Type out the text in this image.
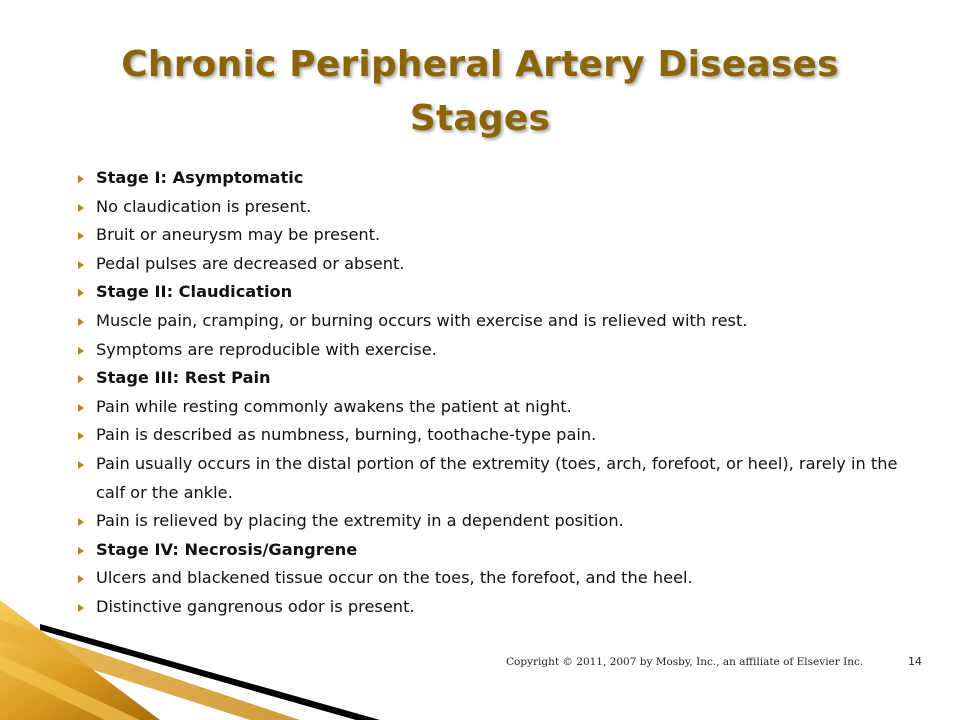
Chronic Peripheral Artery Diseases
Stages
Stage I: Asymptomatic
No claudication is present.
Bruit or aneurysm may be present.
Pedal pulses are decreased or absent.
Stage II: Claudication
Muscle pain, cramping, or burning occurs with exercise and is relieved with rest.
Symptoms are reproducible with exercise.
Stage III: Rest Pain
Pain while resting commonly awakens the patient at night.
Pain is described as numbness, burning, toothache-type pain.
Pain usually occurs in the distal portion of the extremity (toes, arch, forefoot, or heel), rarely in the calf or the ankle.
Pain is relieved by placing the extremity in a dependent position.
Stage IV: Necrosis/Gangrene
Ulcers and blackened tissue occur on the toes, the forefoot, and the heel.
Distinctive gangrenous odor is present.
Copyright © 2011, 2007 by Mosby, Inc., an affiliate of Elsevier Inc.	14
